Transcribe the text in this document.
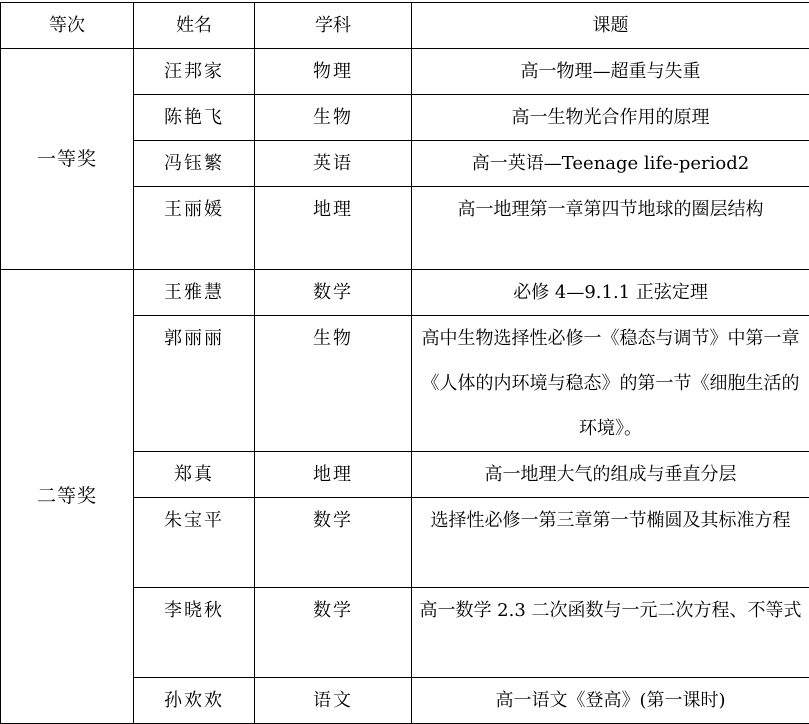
等次	姓名	学科	课题
一等奖	汪邦家	物理	高一物理—超重与失重
	陈艳飞	生物	高一生物光合作用的原理
	冯钰繁	英语	高一英语—Teenage life-period2
	王丽媛	地理	高一地理第一章第四节地球的圈层结构
二等奖	王雅慧	数学	必修 4—9.1.1 正弦定理
	郭丽丽	生物	高中生物选择性必修一《稳态与调节》中第一章《人体的内环境与稳态》的第一节《细胞生活的环境》。
	郑真	地理	高一地理大气的组成与垂直分层
	朱宝平	数学	选择性必修一第三章第一节椭圆及其标准方程
	李晓秋	数学	高一数学 2.3 二次函数与一元二次方程、不等式
	孙欢欢	语文	高一语文《登高》(第一课时)
